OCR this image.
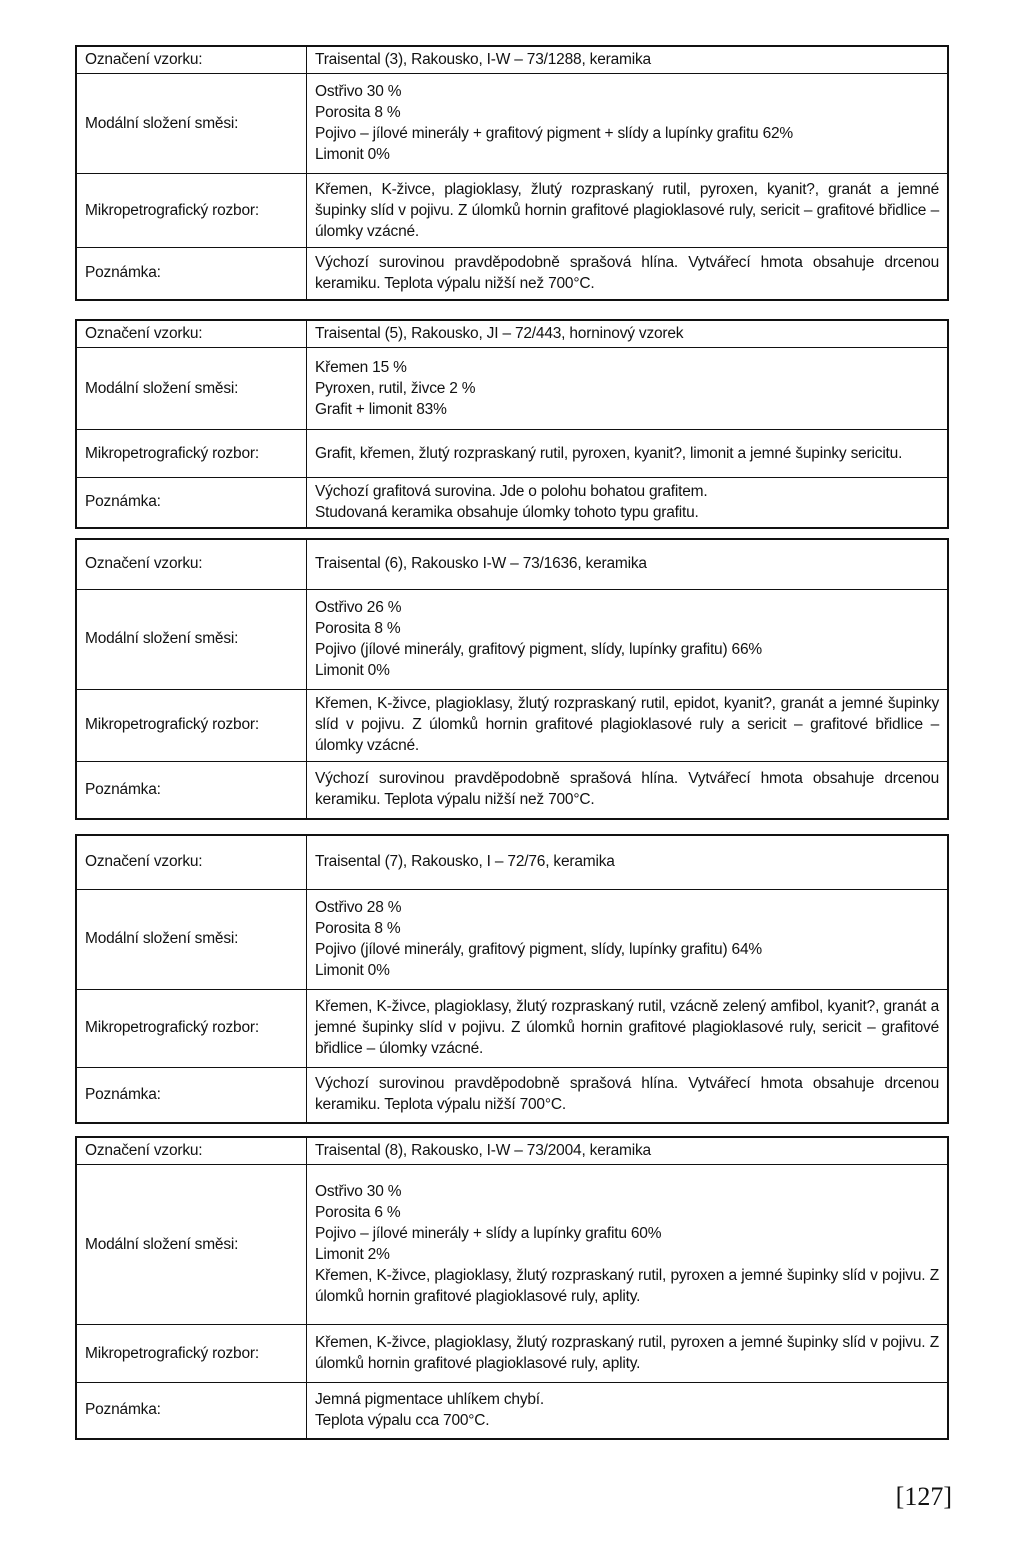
Označení vzorku:	Traisental (3), Rakousko, I-W – 73/1288, keramika
Modální složení směsi:	Ostřivo 30 %
Porosita 8 %
Pojivo – jílové minerály + grafitový pigment + slídy a lupínky grafitu 62%
Limonit 0%

Mikropetrografický rozbor:	Křemen, K-živce, plagioklasy, žlutý rozpraskaný rutil, pyroxen, kyanit?, granát a jemné šupinky slíd v pojivu. Z úlomků hornin grafitové plagioklasové ruly, sericit – grafitové břidlice – úlomky vzácné.
Poznámka:	Výchozí surovinou pravděpodobně sprašová hlína. Vytvářecí hmota obsahuje drcenou keramiku. Teplota výpalu nižší než 700°C.
Označení vzorku:	Traisental (5), Rakousko, JI – 72/443, horninový vzorek
Modální složení směsi:	Křemen 15 %
Pyroxen, rutil, živce 2 %
Grafit + limonit 83%

Mikropetrografický rozbor:	Grafit, křemen, žlutý rozpraskaný rutil, pyroxen, kyanit?, limonit a jemné šupinky sericitu.
Poznámka:	Výchozí grafitová surovina. Jde o polohu bohatou grafitem.
Studovaná keramika obsahuje úlomky tohoto typu grafitu.
Označení vzorku:	Traisental (6), Rakousko I-W – 73/1636, keramika
Modální složení směsi:	Ostřivo 26 %
Porosita 8 %
Pojivo (jílové minerály, grafitový pigment, slídy, lupínky grafitu) 66%
Limonit 0%

Mikropetrografický rozbor:	Křemen, K-živce, plagioklasy, žlutý rozpraskaný rutil, epidot, kyanit?, granát a jemné šupinky slíd v pojivu. Z úlomků hornin grafitové plagioklasové ruly a sericit – grafitové břidlice – úlomky vzácné.
Poznámka:	Výchozí surovinou pravděpodobně sprašová hlína. Vytvářecí hmota obsahuje drcenou keramiku. Teplota výpalu nižší než 700°C.
Označení vzorku:	Traisental (7), Rakousko, I – 72/76, keramika
Modální složení směsi:	Ostřivo 28 %
Porosita 8 %
Pojivo (jílové minerály, grafitový pigment, slídy, lupínky grafitu) 64%
Limonit 0%

Mikropetrografický rozbor:	Křemen, K-živce, plagioklasy, žlutý rozpraskaný rutil, vzácně zelený amfibol, kyanit?, granát a jemné šupinky slíd v pojivu. Z úlomků hornin grafitové plagioklasové ruly, sericit – grafitové břidlice – úlomky vzácné.
Poznámka:	Výchozí surovinou pravděpodobně sprašová hlína. Vytvářecí hmota obsahuje drcenou keramiku. Teplota výpalu nižší 700°C.
Označení vzorku:	Traisental (8), Rakousko, I-W – 73/2004, keramika
Modální složení směsi:	Ostřivo 30 %
Porosita 6 %
Pojivo – jílové minerály + slídy a lupínky grafitu 60%
Limonit 2%
Křemen, K-živce, plagioklasy, žlutý rozpraskaný rutil, pyroxen a jemné šupinky slíd v pojivu. Z úlomků hornin grafitové plagioklasové ruly, aplity.

Mikropetrografický rozbor:	Křemen, K-živce, plagioklasy, žlutý rozpraskaný rutil, pyroxen a jemné šupinky slíd v pojivu. Z úlomků hornin grafitové plagioklasové ruly, aplity.
Poznámka:	Jemná pigmentace uhlíkem chybí.
Teplota výpalu cca 700°C.
[127]
